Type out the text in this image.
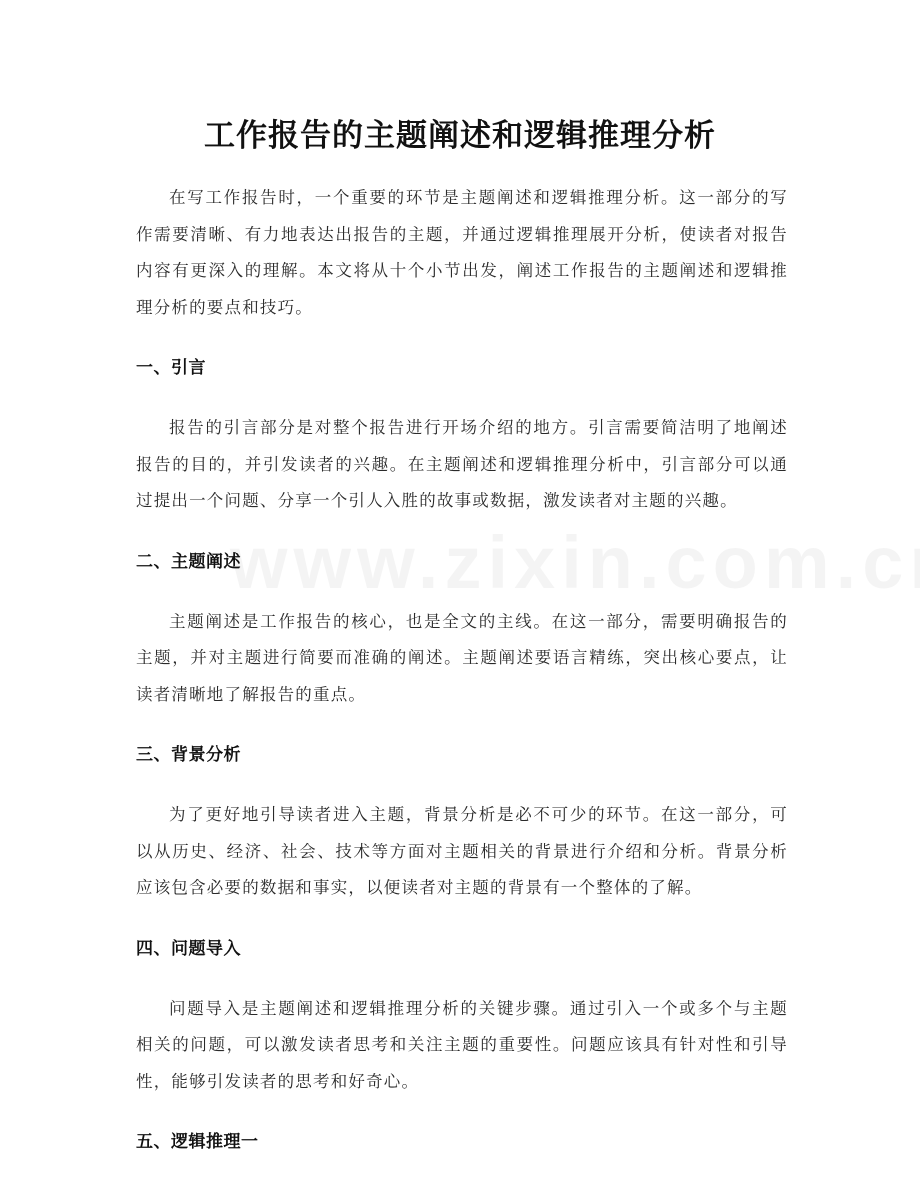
工作报告的主题阐述和逻辑推理分析

在写工作报告时，一个重要的环节是主题阐述和逻辑推理分析。这一部分的写作需要清晰、有力地表达出报告的主题，并通过逻辑推理展开分析，使读者对报告内容有更深入的理解。本文将从十个小节出发，阐述工作报告的主题阐述和逻辑推理分析的要点和技巧。

一、引言

报告的引言部分是对整个报告进行开场介绍的地方。引言需要简洁明了地阐述报告的目的，并引发读者的兴趣。在主题阐述和逻辑推理分析中，引言部分可以通过提出一个问题、分享一个引人入胜的故事或数据，激发读者对主题的兴趣。

二、主题阐述

主题阐述是工作报告的核心，也是全文的主线。在这一部分，需要明确报告的主题，并对主题进行简要而准确的阐述。主题阐述要语言精练，突出核心要点，让读者清晰地了解报告的重点。

三、背景分析

为了更好地引导读者进入主题，背景分析是必不可少的环节。在这一部分，可以从历史、经济、社会、技术等方面对主题相关的背景进行介绍和分析。背景分析应该包含必要的数据和事实，以便读者对主题的背景有一个整体的了解。

四、问题导入

问题导入是主题阐述和逻辑推理分析的关键步骤。通过引入一个或多个与主题相关的问题，可以激发读者思考和关注主题的重要性。问题应该具有针对性和引导性，能够引发读者的思考和好奇心。

五、逻辑推理一
